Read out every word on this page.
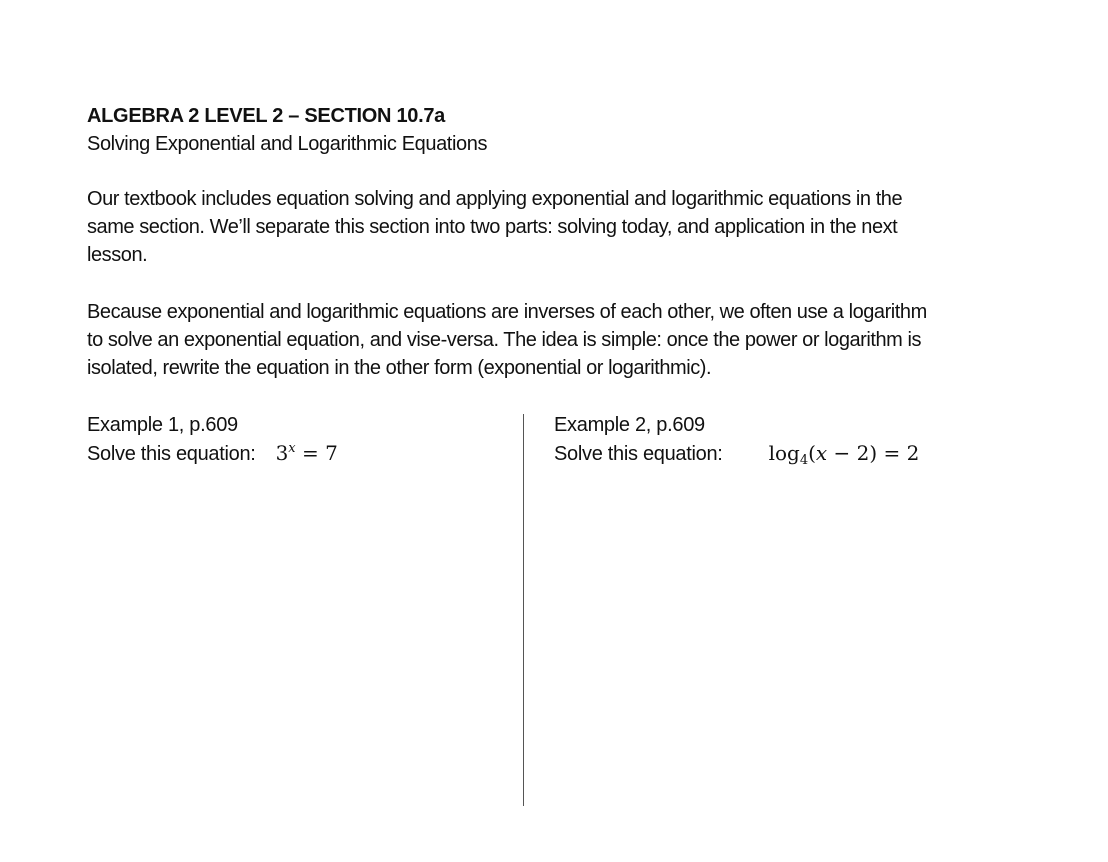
ALGEBRA 2 LEVEL 2 – SECTION 10.7a
Solving Exponential and Logarithmic Equations
Our textbook includes equation solving and applying exponential and logarithmic equations in the
same section. We’ll separate this section into two parts: solving today, and application in the next
lesson.
Because exponential and logarithmic equations are inverses of each other, we often use a logarithm
to solve an exponential equation, and vise-versa. The idea is simple: once the power or logarithm is
isolated, rewrite the equation in the other form (exponential or logarithmic).
Example 1, p.609
Solve this equation: $3^x = 7$
Example 2, p.609
Solve this equation: $\log_4(x - 2) = 2$
